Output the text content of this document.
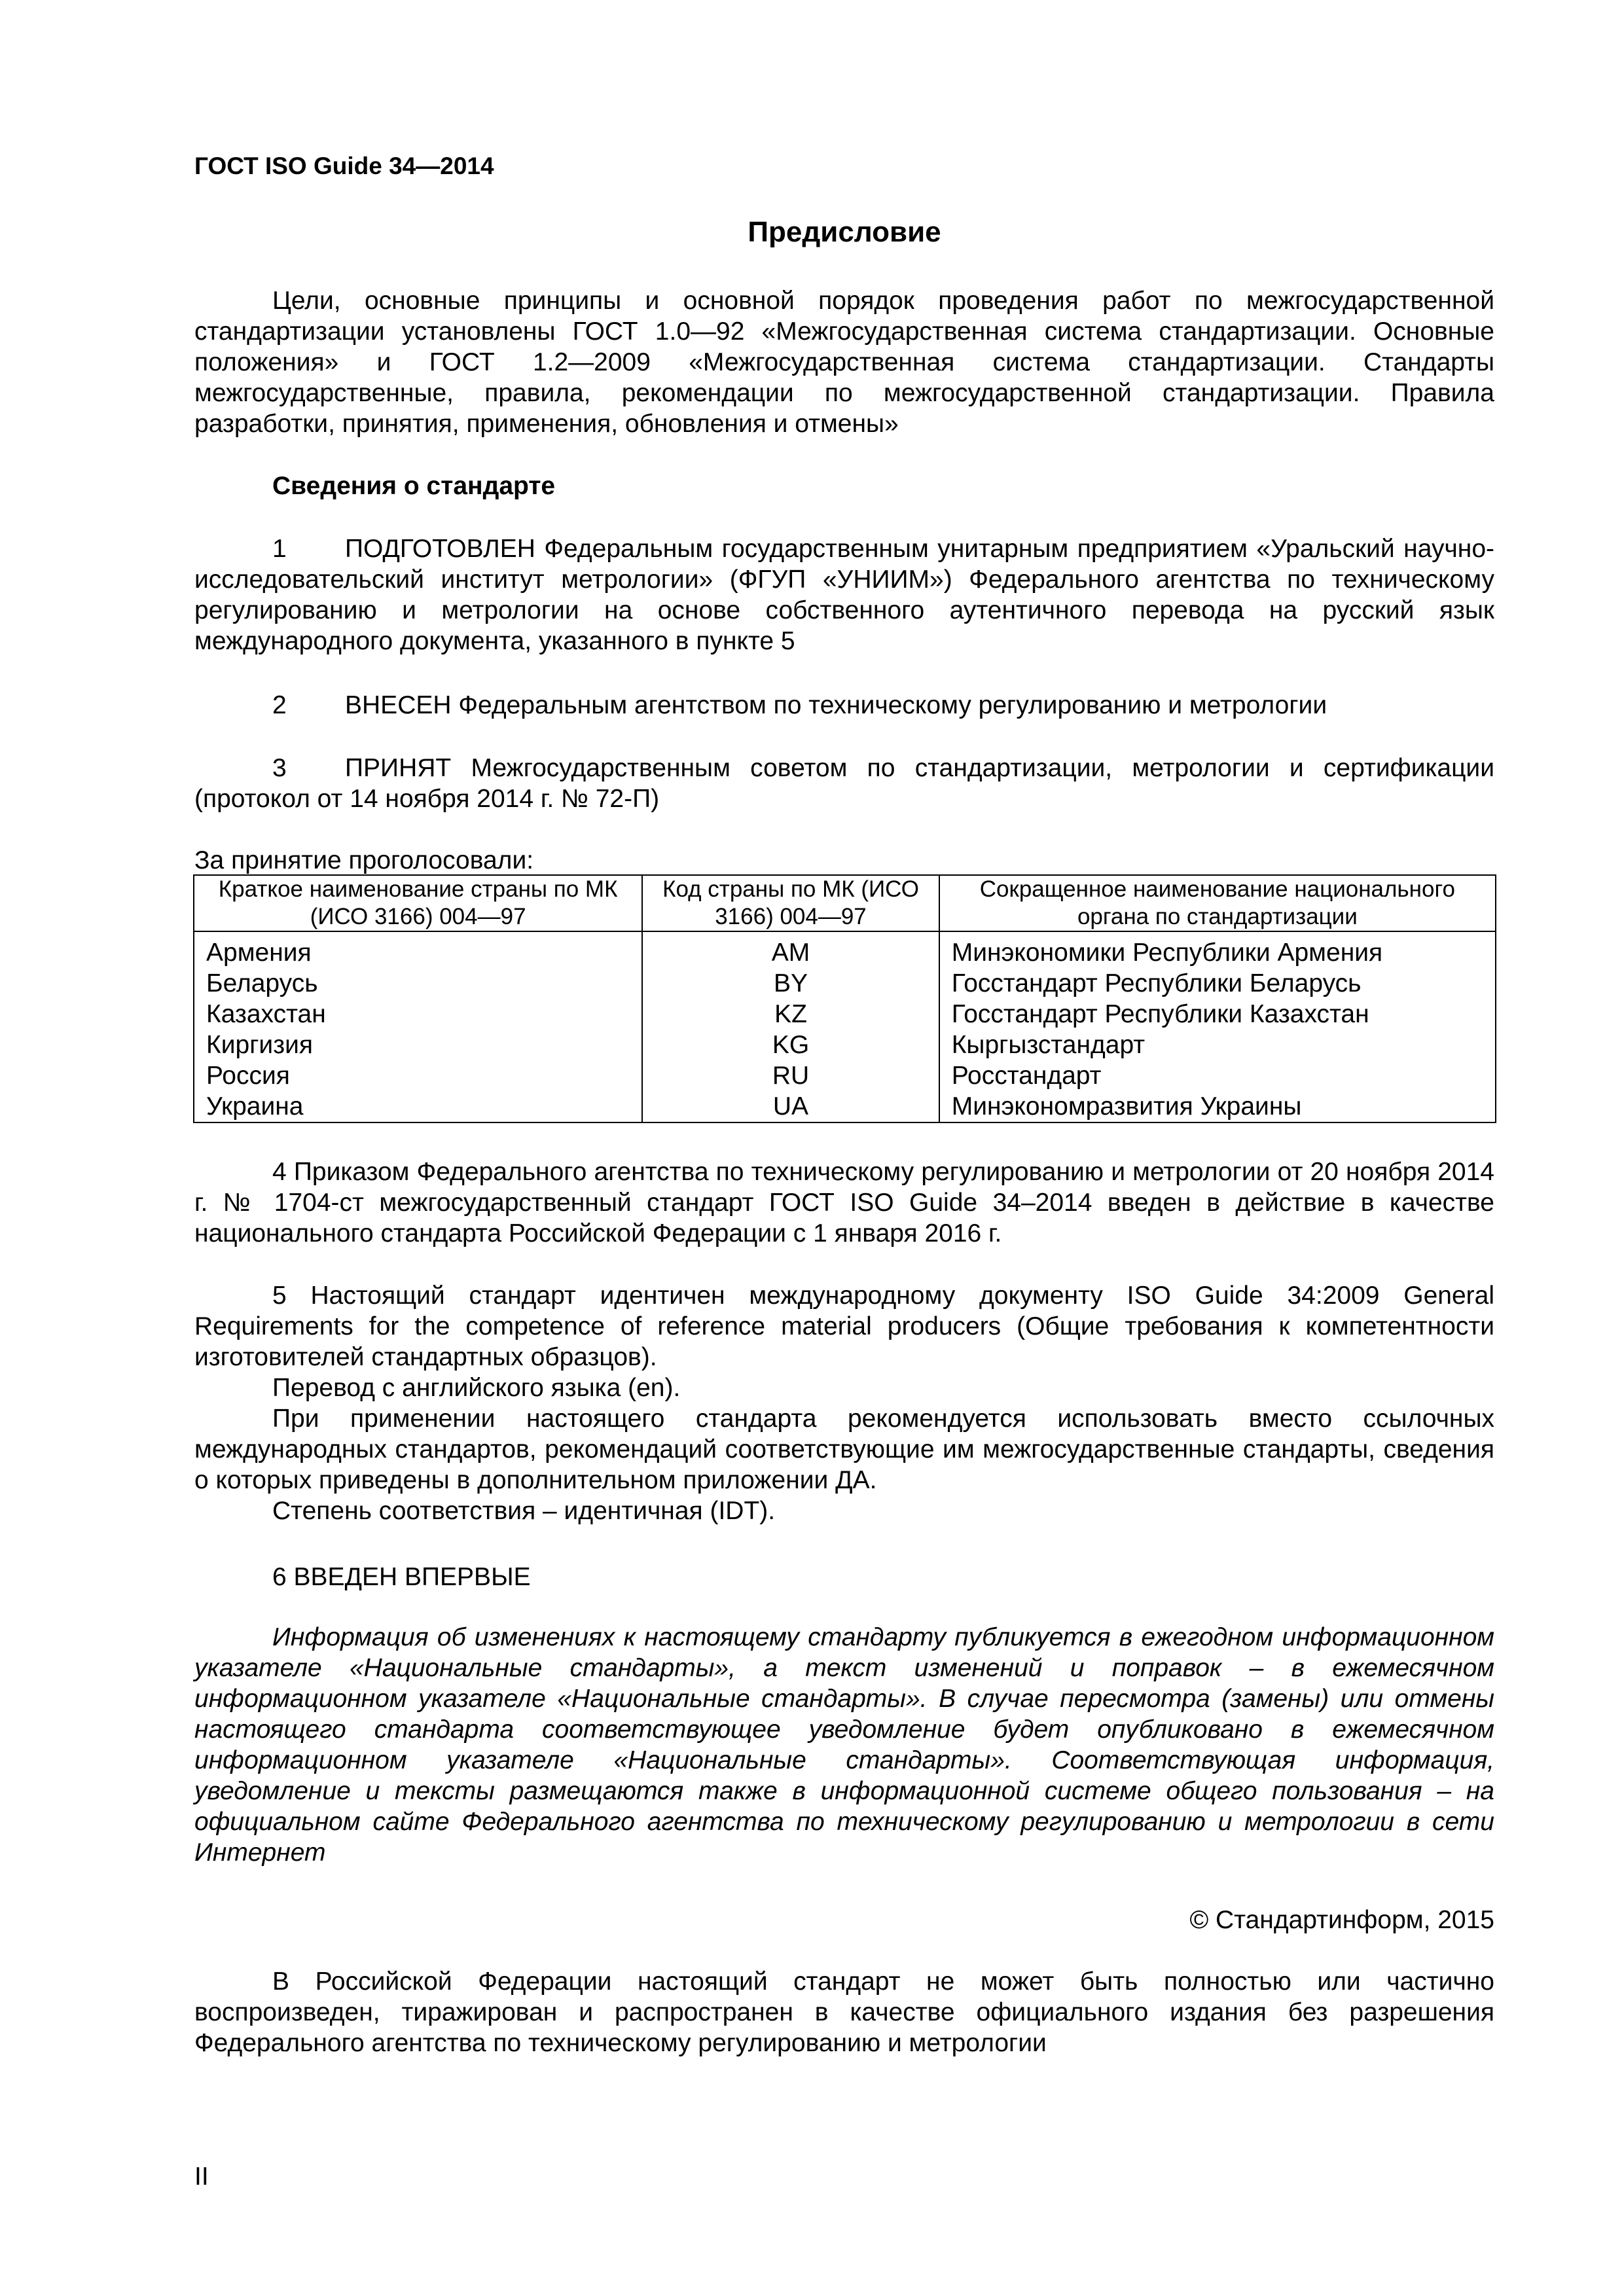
ГОСТ ISO Guide 34—2014

Предисловие

Цели, основные принципы и основной порядок проведения работ по межгосударственной стандартизации установлены ГОСТ 1.0—92 «Межгосударственная система стандартизации. Основные положения» и ГОСТ 1.2—2009 «Межгосударственная система стандартизации. Стандарты межгосударственные, правила, рекомендации по межгосударственной стандартизации. Правила разработки, принятия, применения, обновления и отмены»

Сведения о стандарте

1 ПОДГОТОВЛЕН Федеральным государственным унитарным предприятием «Уральский научно-исследовательский институт метрологии» (ФГУП «УНИИМ») Федерального агентства по техническому регулированию и метрологии на основе собственного аутентичного перевода на русский язык международного документа, указанного в пункте 5

2 ВНЕСЕН Федеральным агентством по техническому регулированию и метрологии

3 ПРИНЯТ Межгосударственным советом по стандартизации, метрологии и сертификации (протокол от 14 ноября 2014 г. № 72-П)

За принятие проголосовали:

Краткое наименование страны по МК (ИСО 3166) 004—97	Код страны по МК (ИСО 3166) 004—97	Сокращенное наименование национального органа по стандартизации
Армения	AM	Минэкономики Республики Армения
Беларусь	BY	Госстандарт Республики Беларусь
Казахстан	KZ	Госстандарт Республики Казахстан
Киргизия	KG	Кыргызстандарт
Россия	RU	Росстандарт
Украина	UA	Минэкономразвития Украины

4 Приказом Федерального агентства по техническому регулированию и метрологии от 20 ноября 2014 г. № 1704-ст межгосударственный стандарт ГОСТ ISO Guide 34–2014 введен в действие в качестве национального стандарта Российской Федерации с 1 января 2016 г.

5 Настоящий стандарт идентичен международному документу ISO Guide 34:2009 General Requirements for the competence of reference material producers (Общие требования к компетентности изготовителей стандартных образцов).

Перевод с английского языка (en).

При применении настоящего стандарта рекомендуется использовать вместо ссылочных международных стандартов, рекомендаций соответствующие им межгосударственные стандарты, сведения о которых приведены в дополнительном приложении ДА.

Степень соответствия – идентичная (IDT).

6 ВВЕДЕН ВПЕРВЫЕ

Информация об изменениях к настоящему стандарту публикуется в ежегодном информационном указателе «Национальные стандарты», а текст изменений и поправок – в ежемесячном информационном указателе «Национальные стандарты». В случае пересмотра (замены) или отмены настоящего стандарта соответствующее уведомление будет опубликовано в ежемесячном информационном указателе «Национальные стандарты». Соответствующая информация, уведомление и тексты размещаются также в информационной системе общего пользования – на официальном сайте Федерального агентства по техническому регулированию и метрологии в сети Интернет

© Стандартинформ, 2015

В Российской Федерации настоящий стандарт не может быть полностью или частично воспроизведен, тиражирован и распространен в качестве официального издания без разрешения Федерального агентства по техническому регулированию и метрологии

II
